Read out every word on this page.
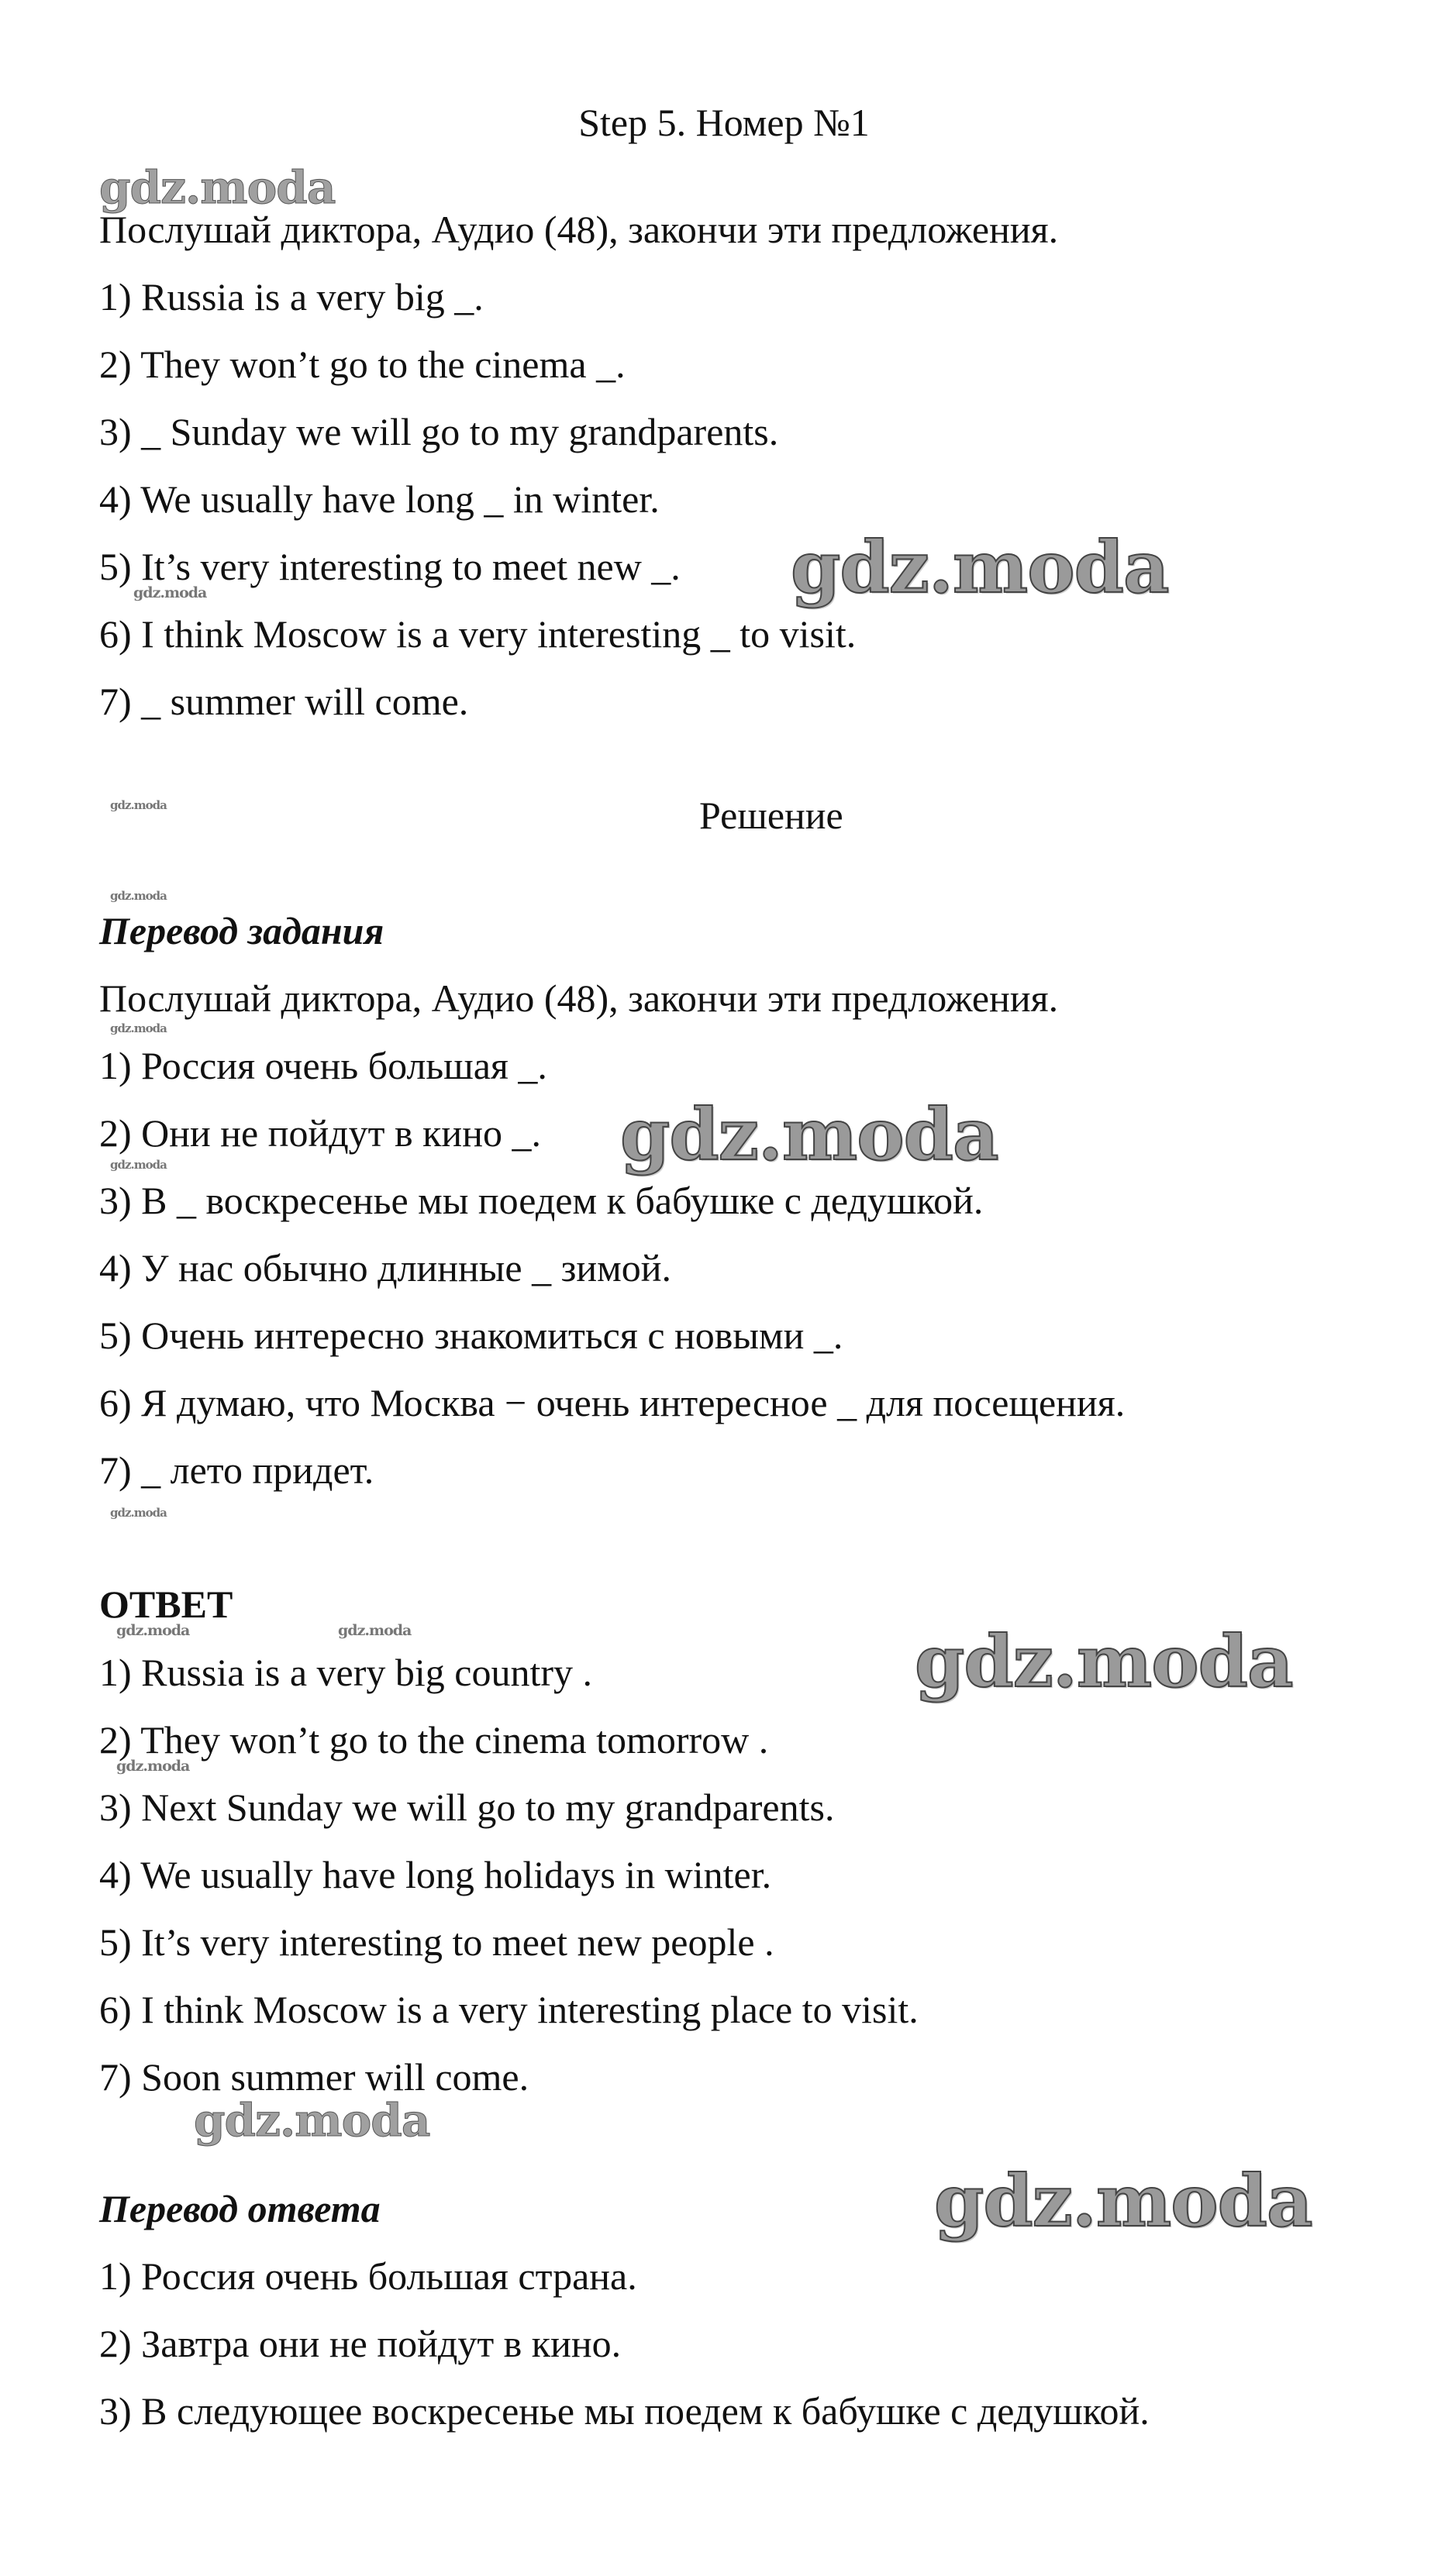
Step 5. Номер №1
Послушай диктора, Аудио (48), закончи эти предложения.
1) Russia is a very big _.
2) They won’t go to the cinema _.
3) _ Sunday we will go to my grandparents.
4) We usually have long _ in winter.
5) It’s very interesting to meet new _.
6) I think Moscow is a very interesting _ to visit.
7) _ summer will come.
Решение
Перевод задания
Послушай диктора, Аудио (48), закончи эти предложения.
1) Россия очень большая _.
2) Они не пойдут в кино _.
3) В _ воскресенье мы поедем к бабушке с дедушкой.
4) У нас обычно длинные _ зимой.
5) Очень интересно знакомиться с новыми _.
6) Я думаю, что Москва − очень интересное _ для посещения.
7) _ лето придет.
ОТВЕТ
1) Russia is a very big country .
2) They won’t go to the cinema tomorrow .
3) Next Sunday we will go to my grandparents.
4) We usually have long holidays in winter.
5) It’s very interesting to meet new people .
6) I think Moscow is a very interesting place to visit.
7) Soon summer will come.
Перевод ответа
1) Россия очень большая страна.
2) Завтра они не пойдут в кино.
3) В следующее воскресенье мы поедем к бабушке с дедушкой.
gdz.moda
gdz.moda
gdz.moda
gdz.moda
gdz.moda
gdz.moda
gdz.moda
gdz.moda
gdz.moda
gdz.moda	gdz.moda	gdz.moda
gdz.moda
gdz.moda
gdz.moda
